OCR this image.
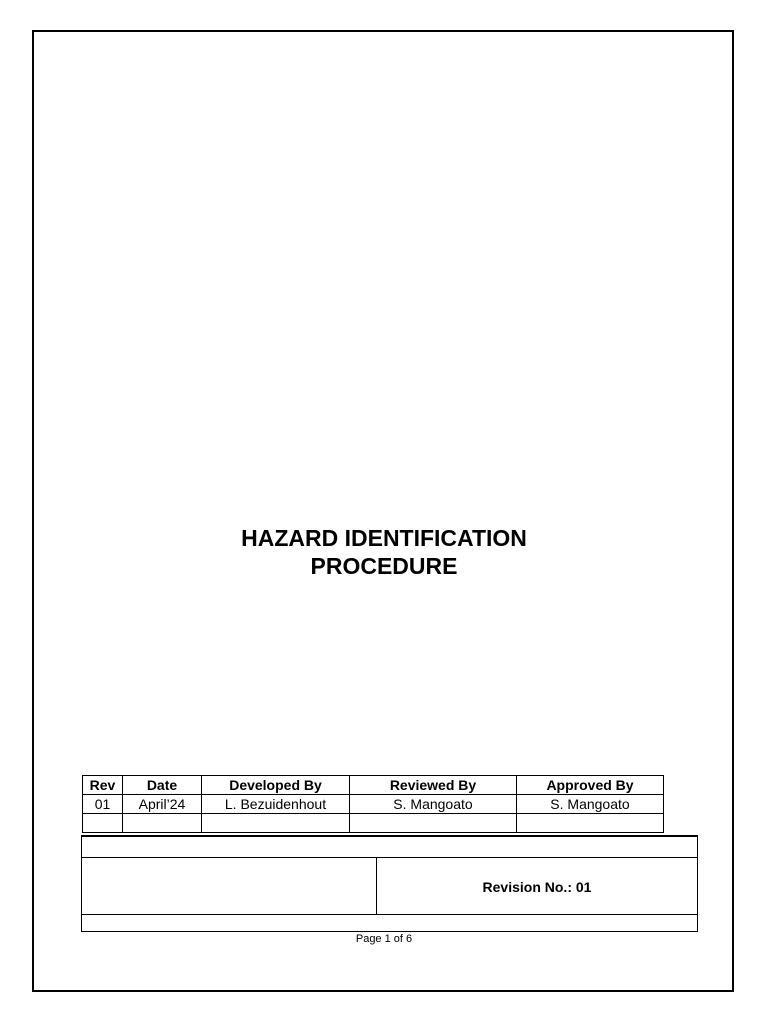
HAZARD IDENTIFICATION
PROCEDURE
Rev	Date	Developed By	Reviewed By	Approved By
01	April’24	L. Bezuidenhout	S. Mangoato	S. Mangoato

Revision No.: 01
Page 1 of 6
